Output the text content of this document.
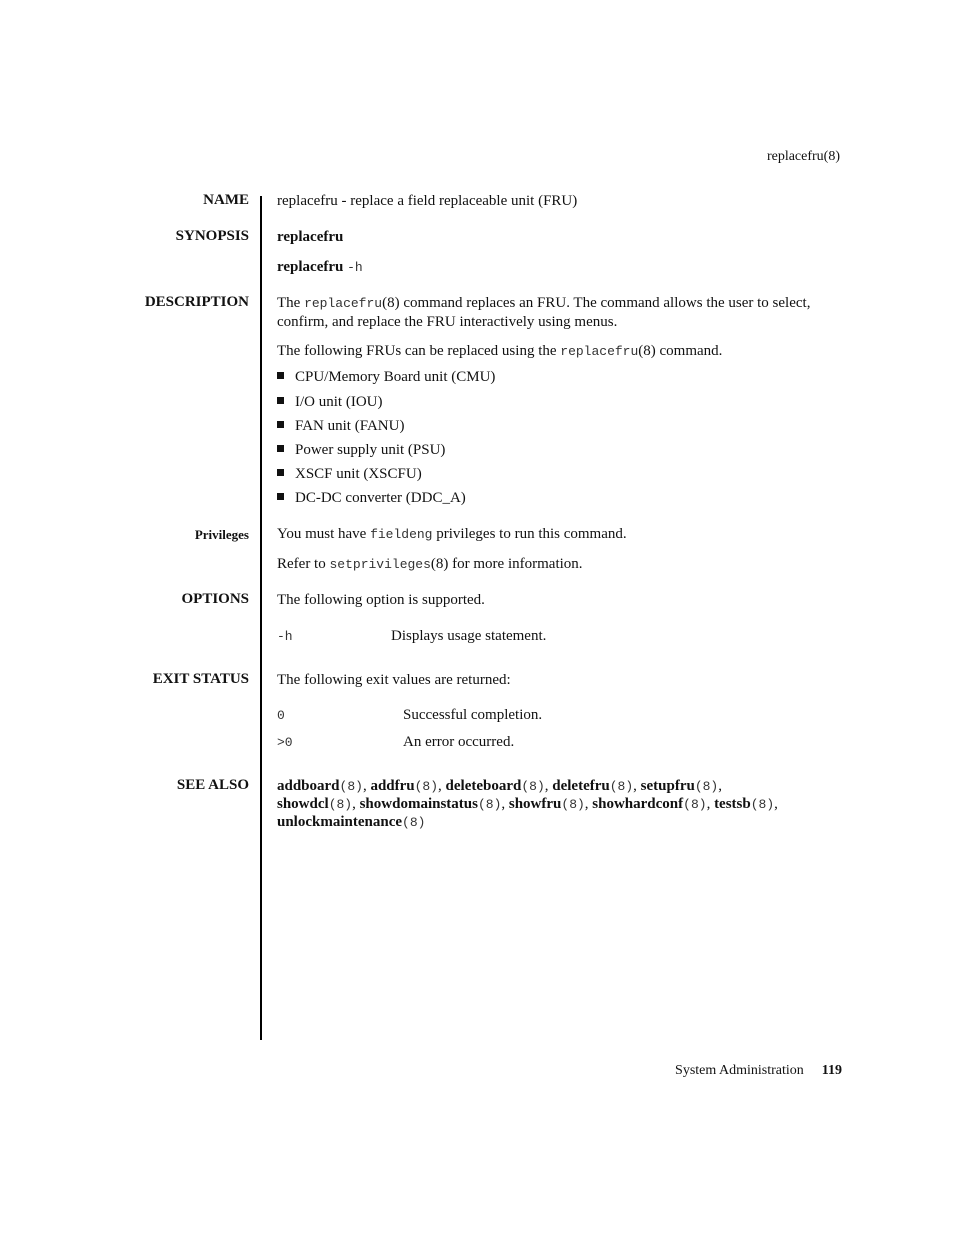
replacefru(8)
NAME replacefru - replace a field replaceable unit (FRU)
SYNOPSIS replacefru
replacefru -h
DESCRIPTION The replacefru(8) command replaces an FRU. The command allows the user to select, confirm, and replace the FRU interactively using menus.
The following FRUs can be replaced using the replacefru(8) command.
CPU/Memory Board unit (CMU)
I/O unit (IOU)
FAN unit (FANU)
Power supply unit (PSU)
XSCF unit (XSCFU)
DC-DC converter (DDC_A)
Privileges You must have fieldeng privileges to run this command.
Refer to setprivileges(8) for more information.
OPTIONS The following option is supported.
-h	Displays usage statement.
EXIT STATUS The following exit values are returned:
0	Successful completion.
>0	An error occurred.
SEE ALSO addboard(8), addfru(8), deleteboard(8), deletefru(8), setupfru(8),
showdcl(8), showdomainstatus(8), showfru(8), showhardconf(8), testsb(8),
unlockmaintenance(8)
System Administration 119
